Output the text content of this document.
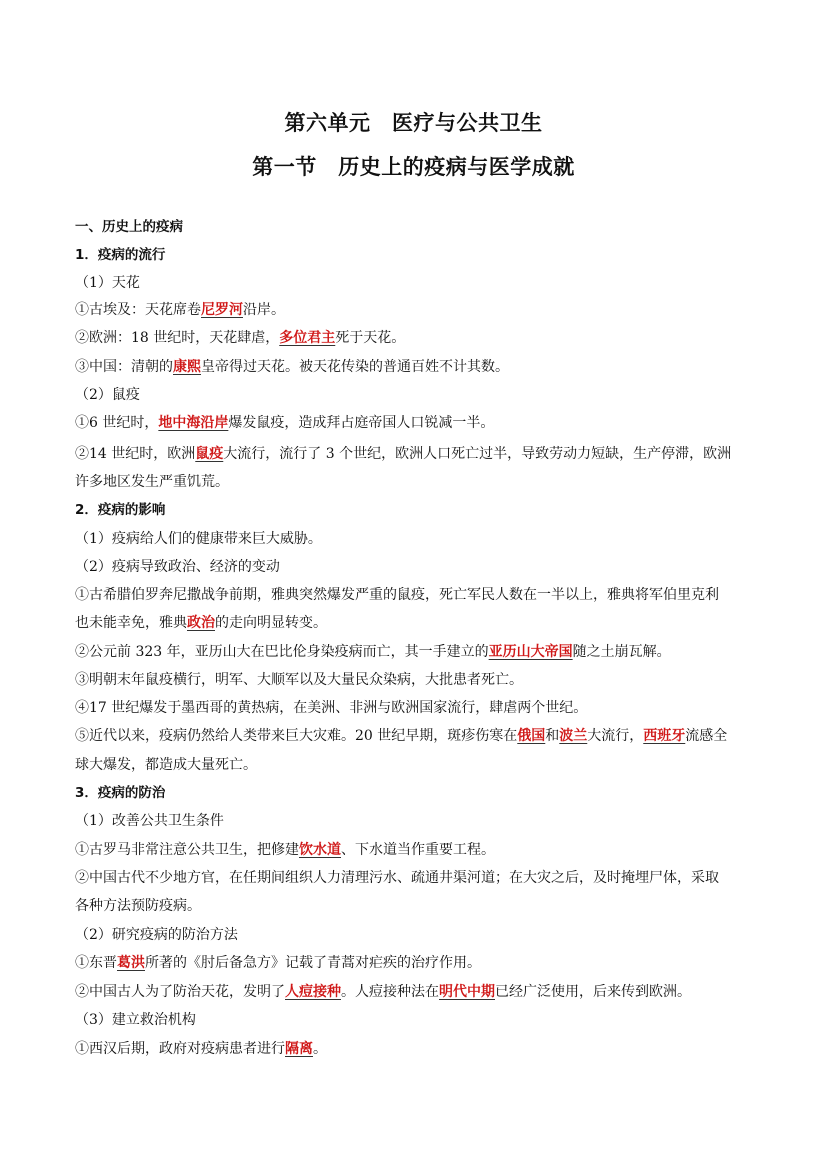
第六单元　医疗与公共卫生
第一节　历史上的疫病与医学成就
一、历史上的疫病
1．疫病的流行
（1）天花
①古埃及：天花席卷尼罗河沿岸。
②欧洲：18 世纪时，天花肆虐，多位君主死于天花。
③中国：清朝的康熙皇帝得过天花。被天花传染的普通百姓不计其数。
（2）鼠疫
①6 世纪时，地中海沿岸爆发鼠疫，造成拜占庭帝国人口锐减一半。
②14 世纪时，欧洲鼠疫大流行，流行了 3 个世纪，欧洲人口死亡过半，导致劳动力短缺，生产停滞，欧洲
许多地区发生严重饥荒。
2．疫病的影响
（1）疫病给人们的健康带来巨大威胁。
（2）疫病导致政治、经济的变动
①古希腊伯罗奔尼撒战争前期，雅典突然爆发严重的鼠疫，死亡军民人数在一半以上，雅典将军伯里克利
也未能幸免，雅典政治的走向明显转变。
②公元前 323 年，亚历山大在巴比伦身染疫病而亡，其一手建立的亚历山大帝国随之土崩瓦解。
③明朝末年鼠疫横行，明军、大顺军以及大量民众染病，大批患者死亡。
④17 世纪爆发于墨西哥的黄热病，在美洲、非洲与欧洲国家流行，肆虐两个世纪。
⑤近代以来，疫病仍然给人类带来巨大灾难。20 世纪早期，斑疹伤寒在俄国和波兰大流行，西班牙流感全
球大爆发，都造成大量死亡。
3．疫病的防治
（1）改善公共卫生条件
①古罗马非常注意公共卫生，把修建饮水道、下水道当作重要工程。
②中国古代不少地方官，在任期间组织人力清理污水、疏通井渠河道；在大灾之后，及时掩埋尸体，采取
各种方法预防疫病。
（2）研究疫病的防治方法
①东晋葛洪所著的《肘后备急方》记载了青蒿对疟疾的治疗作用。
②中国古人为了防治天花，发明了人痘接种。人痘接种法在明代中期已经广泛使用，后来传到欧洲。
（3）建立救治机构
①西汉后期，政府对疫病患者进行隔离。
